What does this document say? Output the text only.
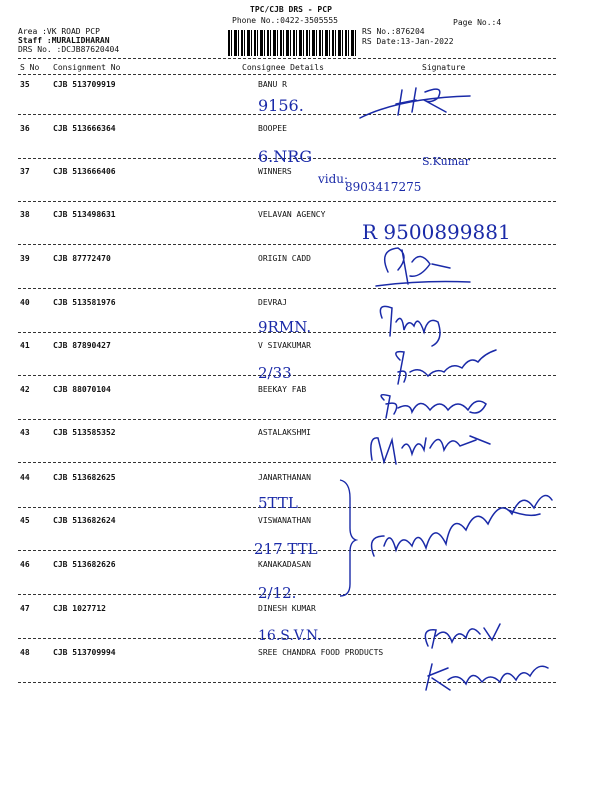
TPC/CJB DRS - PCP
Phone No.:0422-3505555
Area :VK ROAD PCP
Staff :MURALIDHARAN
DRS No. :DCJB87620404
RS No.:876204
RS Date:13-Jan-2022
Page No.:4
S No Consignment No	Consignee Details	Signature
35	CJB 513709919	BANU R
36	CJB 513666364	BOOPEE
37	CJB 513666406	WINNERS
38	CJB 513498631	VELAVAN AGENCY
39	CJB 87772470	ORIGIN CADD
40	CJB 513581976	DEVRAJ
41	CJB 87890427	V SIVAKUMAR
42	CJB 88070104	BEEKAY FAB
43	CJB 513585352	ASTALAKSHMI
44	CJB 513682625	JANARTHANAN
45	CJB 513682624	VISWANATHAN
46	CJB 513682626	KANAKADASAN
47	CJB 1027712	DINESH KUMAR
48	CJB 513709994	SREE CHANDRA FOOD PRODUCTS
9156.
6.NRG	S.Kumar
vidu:
8903417275
R 9500899881
9RMN.
2/33
5TTL
217 TTL
2/12.
16.S.V.N.
